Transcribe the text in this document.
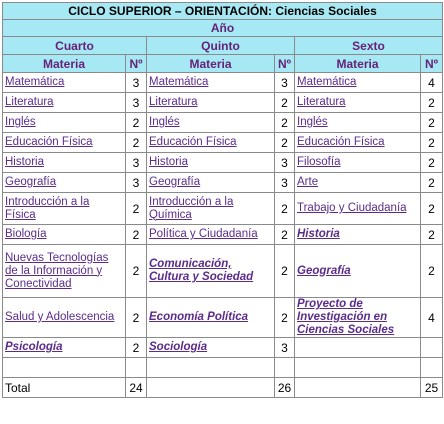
CICLO SUPERIOR – ORIENTACIÓN: Ciencias Sociales					
Año					
Cuarto		Quinto		Sexto	
Materia	Nº	Materia	Nº	Materia	Nº
Matemática	3	Matemática	3	Matemática	4
Literatura	3	Literatura	2	Literatura	2
Inglés	2	Inglés	2	Inglés	2
Educación Física	2	Educación Física	2	Educación Física	2
Historia	3	Historia	3	Filosofía	2
Geografía	3	Geografía	3	Arte	2
Introducción a la Física	2	Introducción a la Química	2	Trabajo y Ciudadanía	2
Biología	2	Política y Ciudadanía	2	Historia	2
Nuevas Tecnologías de la Información y Conectividad	2	Comunicación, Cultura y Sociedad	2	Geografía	2
Salud y Adolescencia	2	Economía Política	2	Proyecto de Investigación en Ciencias Sociales	4
Psicología	2	Sociología	3		

Total	24		26		25
